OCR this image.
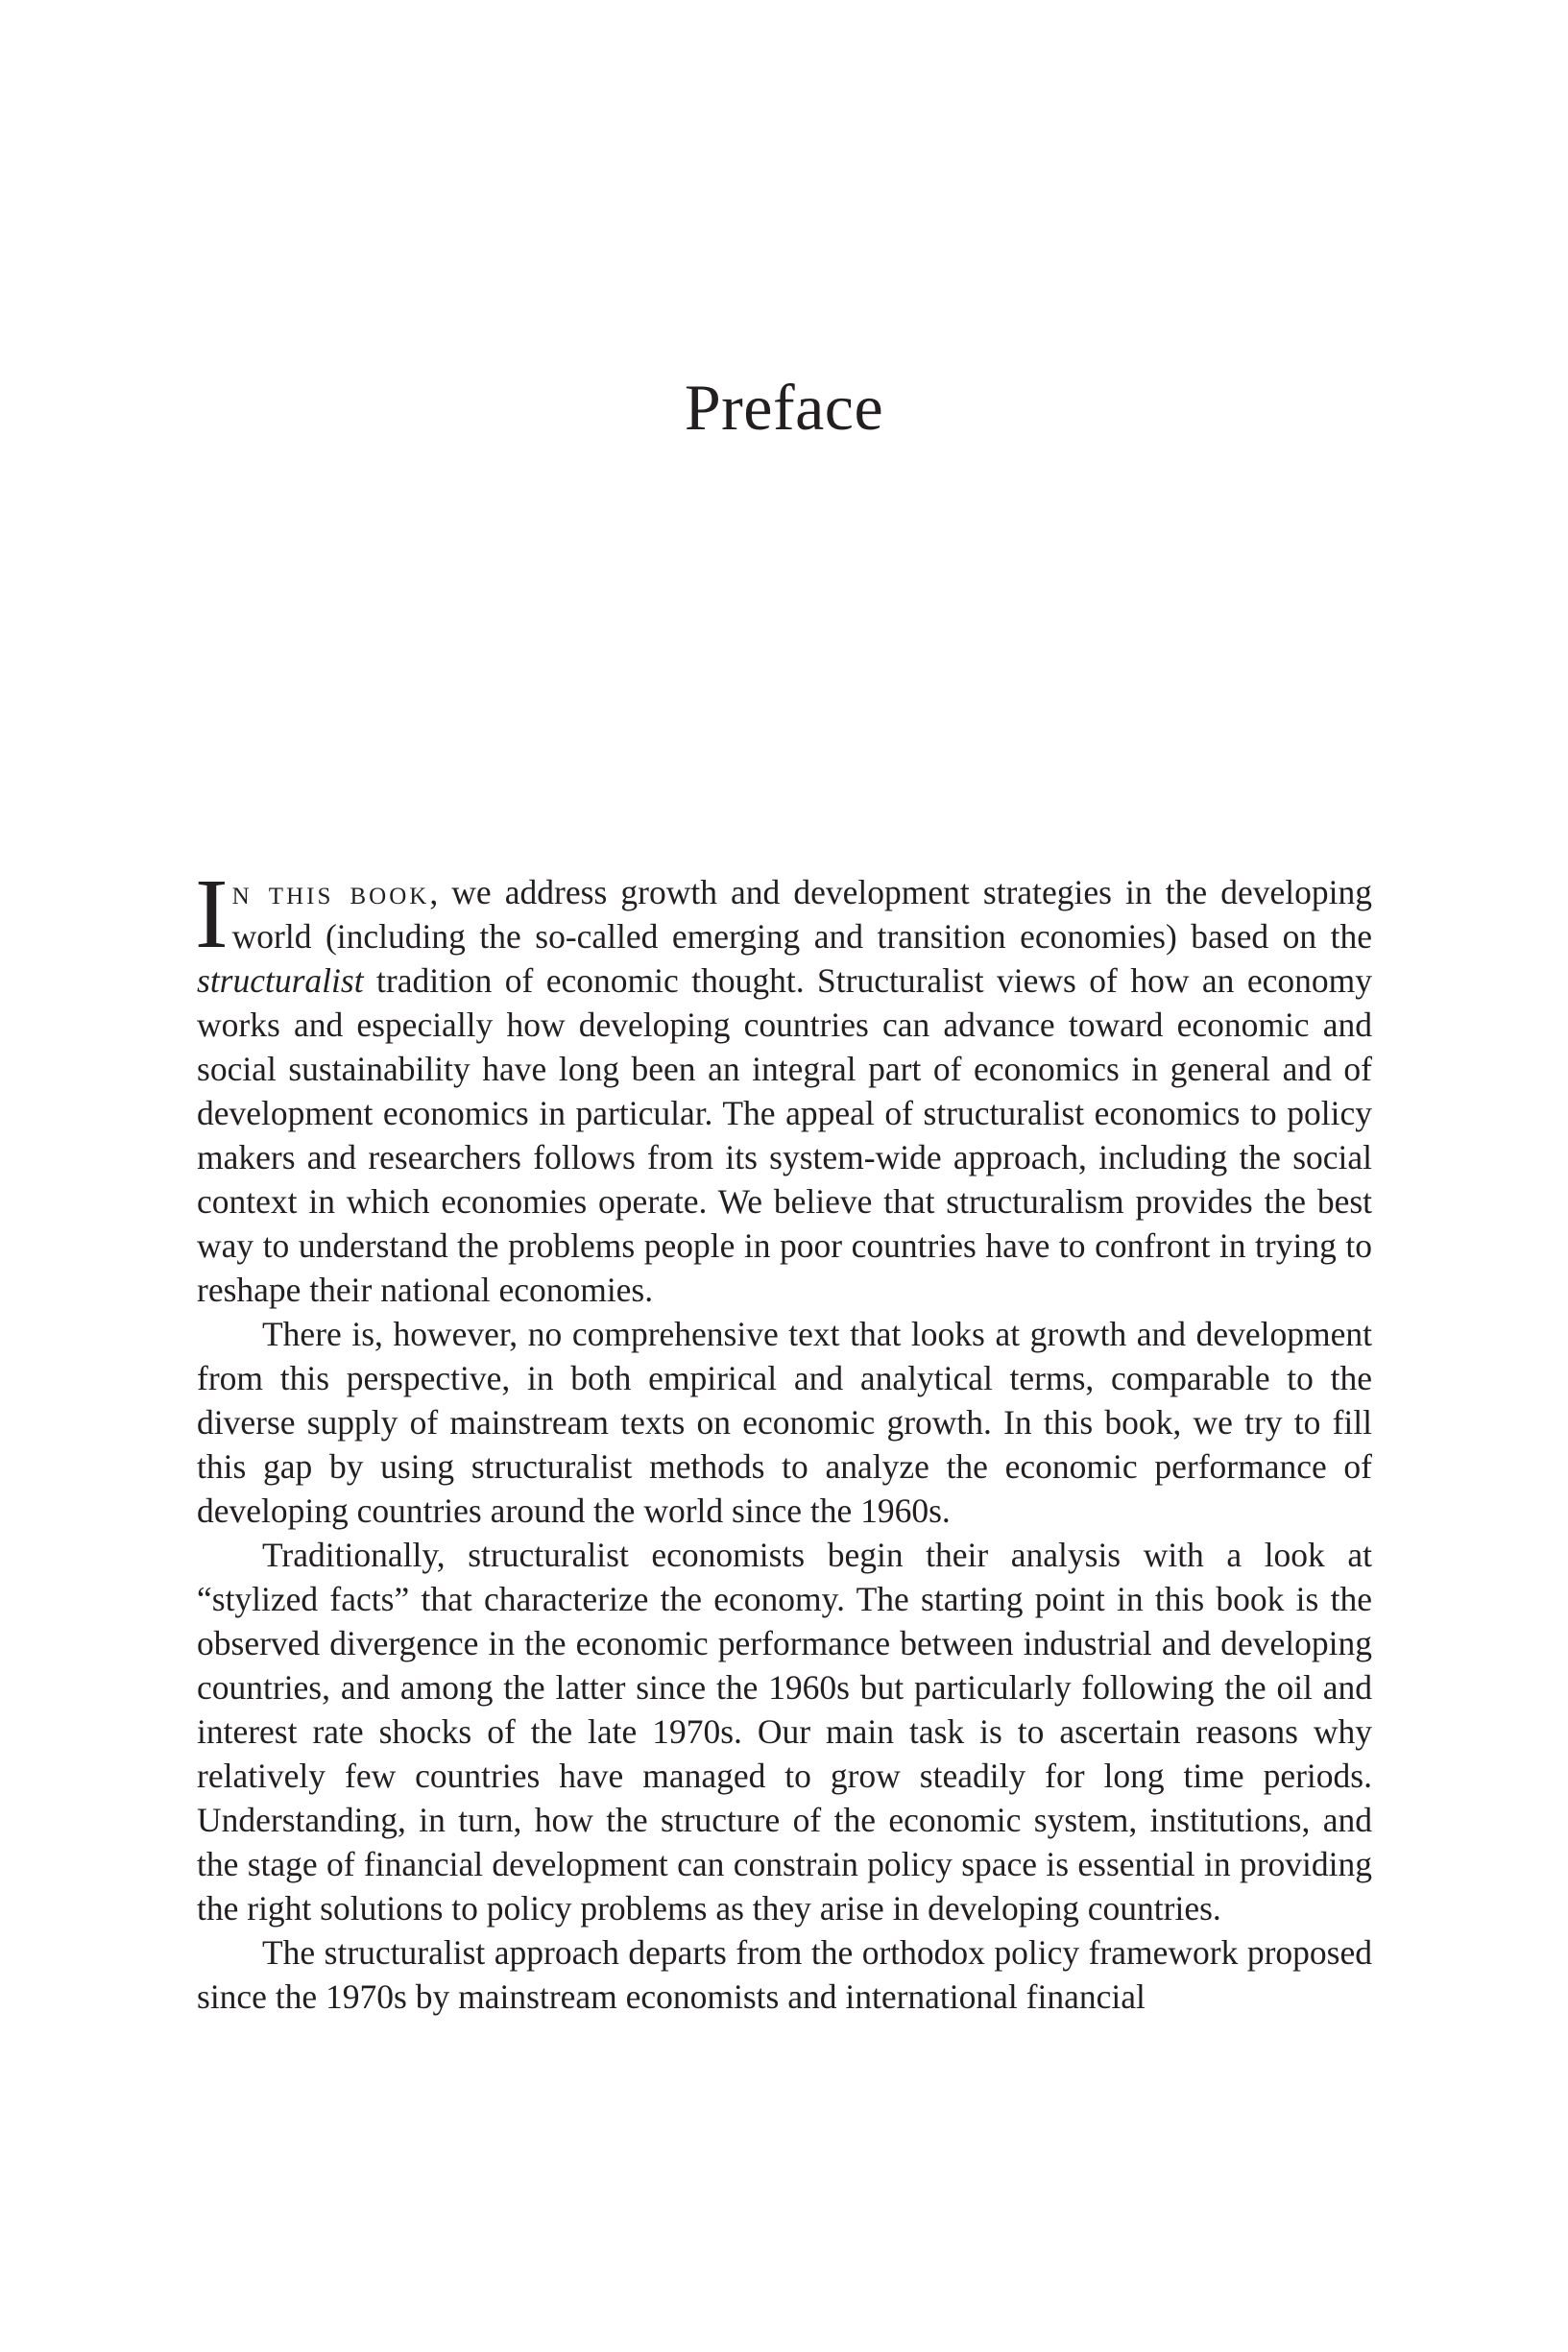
Preface

In this book, we address growth and development strategies in the developing world (including the so-called emerging and transition economies) based on the structuralist tradition of economic thought. Structuralist views of how an economy works and especially how developing countries can advance toward economic and social sustainability have long been an integral part of economics in general and of development economics in particular. The appeal of structuralist economics to policy makers and researchers follows from its system-wide approach, including the social context in which economies operate. We believe that structuralism provides the best way to understand the problems people in poor countries have to confront in trying to reshape their national economies.

There is, however, no comprehensive text that looks at growth and development from this perspective, in both empirical and analytical terms, comparable to the diverse supply of mainstream texts on economic growth. In this book, we try to fill this gap by using structuralist methods to analyze the economic performance of developing countries around the world since the 1960s.

Traditionally, structuralist economists begin their analysis with a look at “stylized facts” that characterize the economy. The starting point in this book is the observed divergence in the economic performance between industrial and developing countries, and among the latter since the 1960s but particularly following the oil and interest rate shocks of the late 1970s. Our main task is to ascertain reasons why relatively few countries have managed to grow steadily for long time periods. Understanding, in turn, how the structure of the economic system, institutions, and the stage of financial development can constrain policy space is essential in providing the right solutions to policy problems as they arise in developing countries.

The structuralist approach departs from the orthodox policy framework proposed since the 1970s by mainstream economists and international financial
